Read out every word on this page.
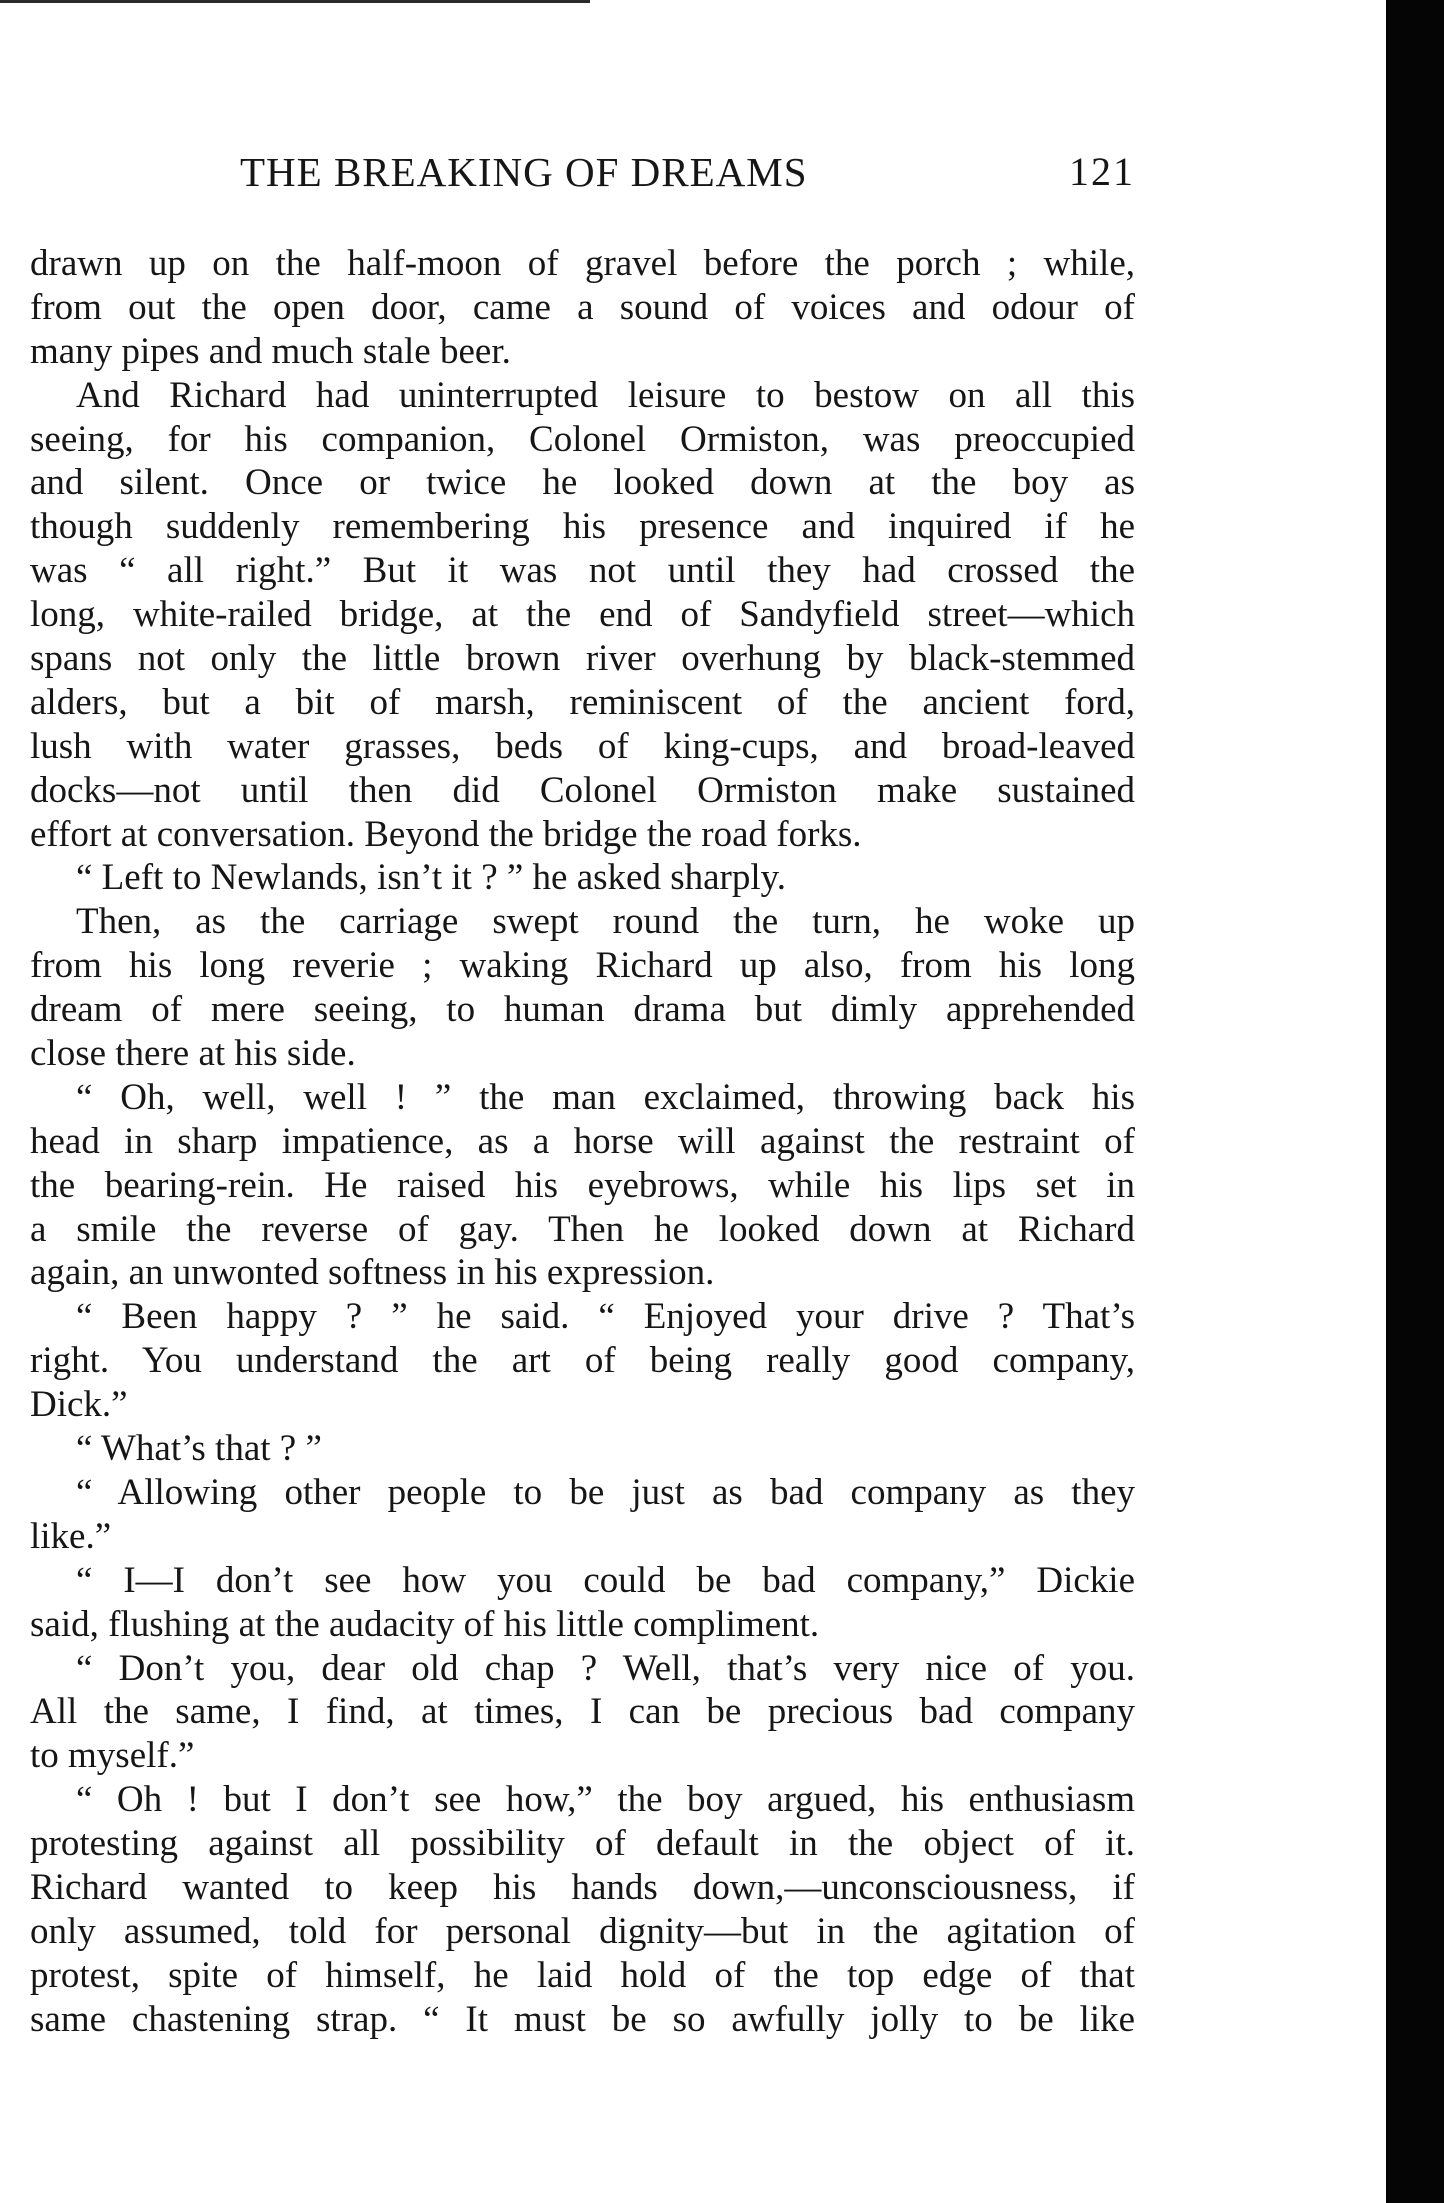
THE BREAKING OF DREAMS	121
drawn up on the half-moon of gravel before the porch ; while,
from out the open door, came a sound of voices and odour of
many pipes and much stale beer.
And Richard had uninterrupted leisure to bestow on all this
seeing, for his companion, Colonel Ormiston, was preoccupied
and silent. Once or twice he looked down at the boy as
though suddenly remembering his presence and inquired if he
was “ all right.” But it was not until they had crossed the
long, white-railed bridge, at the end of Sandyfield street—which
spans not only the little brown river overhung by black-stemmed
alders, but a bit of marsh, reminiscent of the ancient ford,
lush with water grasses, beds of king-cups, and broad-leaved
docks—not until then did Colonel Ormiston make sustained
effort at conversation. Beyond the bridge the road forks.
“ Left to Newlands, isn’t it ? ” he asked sharply.
Then, as the carriage swept round the turn, he woke up
from his long reverie ; waking Richard up also, from his long
dream of mere seeing, to human drama but dimly apprehended
close there at his side.
“ Oh, well, well ! ” the man exclaimed, throwing back his
head in sharp impatience, as a horse will against the restraint of
the bearing-rein. He raised his eyebrows, while his lips set in
a smile the reverse of gay. Then he looked down at Richard
again, an unwonted softness in his expression.
“ Been happy ? ” he said. “ Enjoyed your drive ? That’s
right. You understand the art of being really good company,
Dick.”
“ What’s that ? ”
“ Allowing other people to be just as bad company as they
like.”
“ I—I don’t see how you could be bad company,” Dickie
said, flushing at the audacity of his little compliment.
“ Don’t you, dear old chap ? Well, that’s very nice of you.
All the same, I find, at times, I can be precious bad company
to myself.”
“ Oh ! but I don’t see how,” the boy argued, his enthusiasm
protesting against all possibility of default in the object of it.
Richard wanted to keep his hands down,—unconsciousness, if
only assumed, told for personal dignity—but in the agitation of
protest, spite of himself, he laid hold of the top edge of that
same chastening strap. “ It must be so awfully jolly to be like
